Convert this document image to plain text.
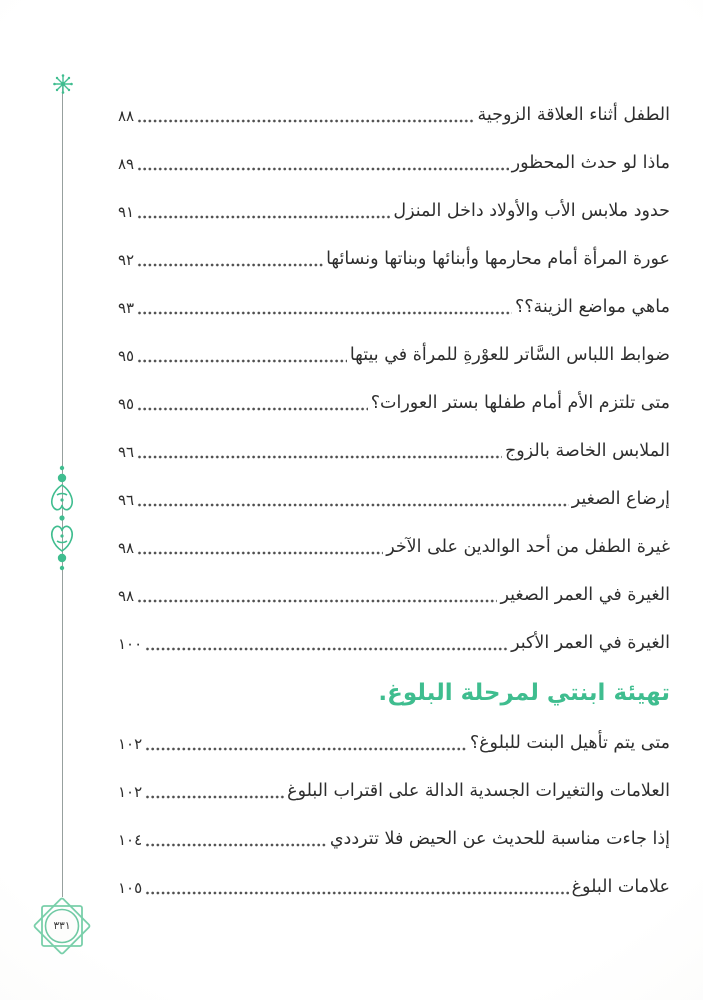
٣٣١
الطفل أثناء العلاقة الزوجية
٨٨
ماذا لو حدث المحظور
٨٩
حدود ملابس الأب والأولاد داخل المنزل
٩١
عورة المرأة أمام محارمها وأبنائها وبناتها ونسائها
٩٢
ماهي مواضع الزينة؟؟
٩٣
ضوابط اللباس السَّاتر للعوْرةِ للمرأة في بيتها
٩٥
متى تلتزم الأم أمام طفلها بستر العورات؟
٩٥
الملابس الخاصة بالزوج
٩٦
إرضاع الصغير
٩٦
غيرة الطفل من أحد الوالدين على الآخر
٩٨
الغيرة في العمر الصغير
٩٨
الغيرة في العمر الأكبر
١٠٠
تهيئة ابنتي لمرحلة البلوغ.
متى يتم تأهيل البنت للبلوغ؟
١٠٢
العلامات والتغيرات الجسدية الدالة على اقتراب البلوغ
١٠٢
إذا جاءت مناسبة للحديث عن الحيض فلا تترددي
١٠٤
علامات البلوغ
١٠٥
